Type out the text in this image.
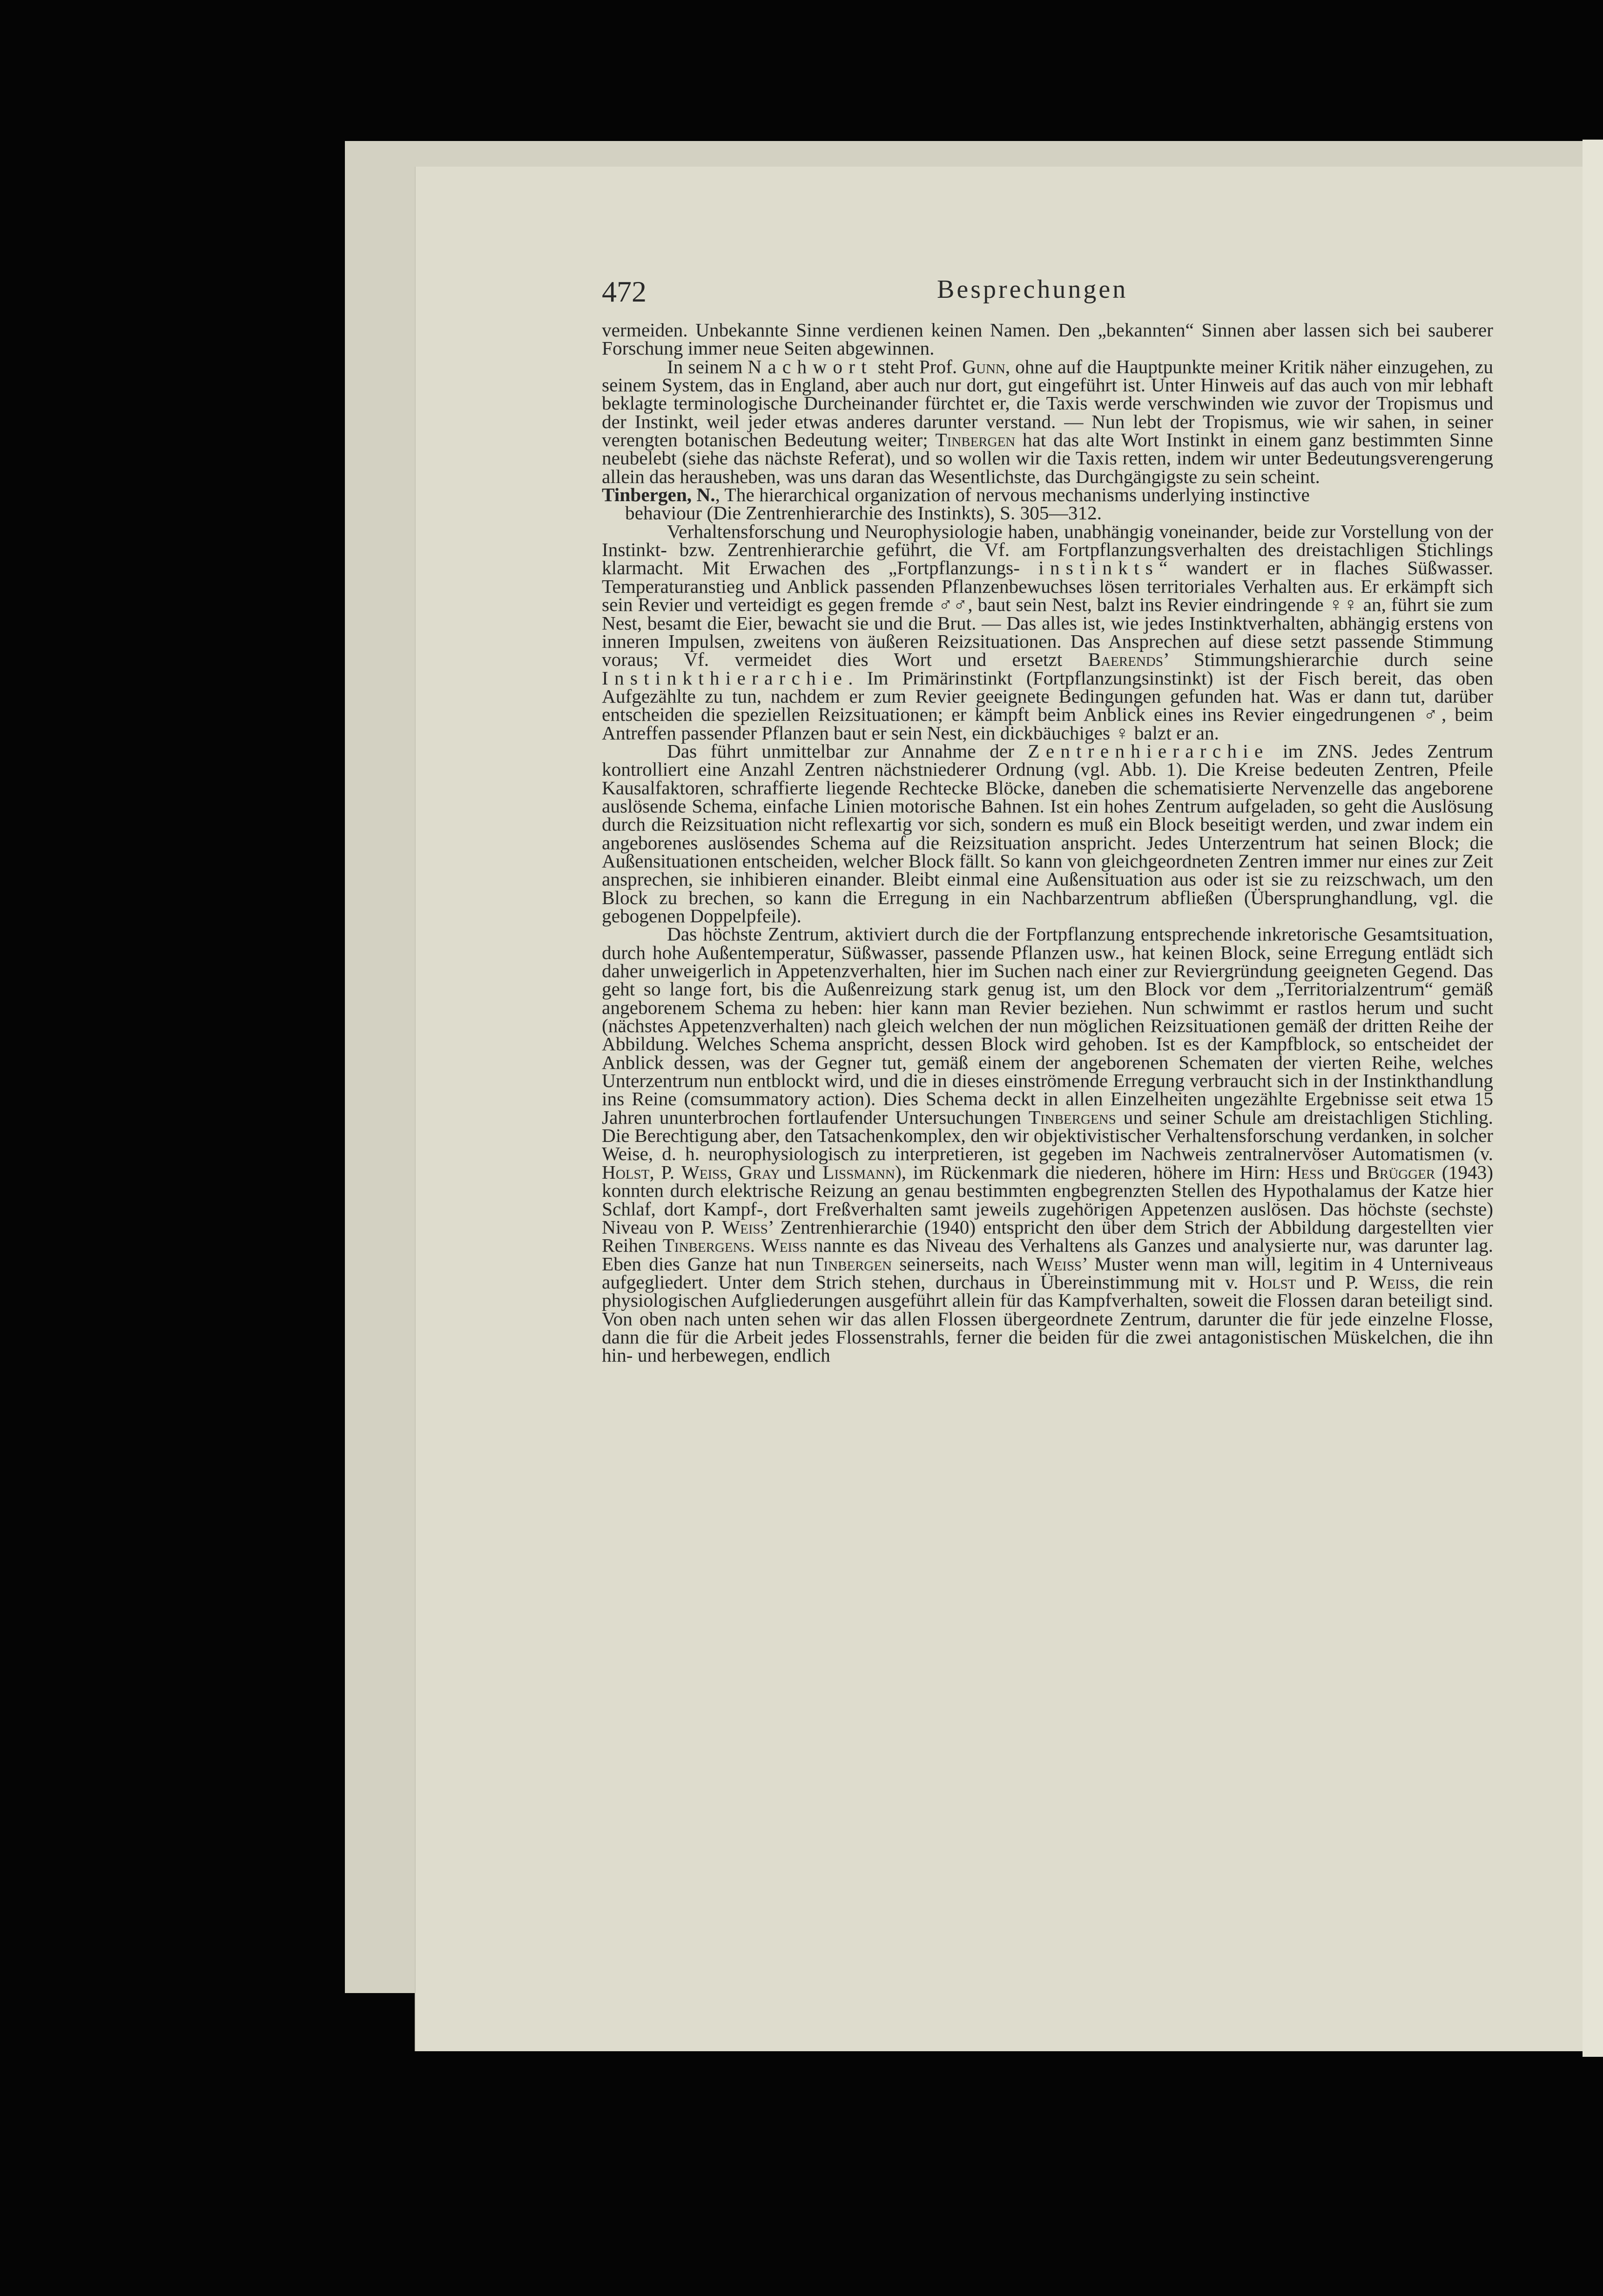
472	Besprechungen

vermeiden. Unbekannte Sinne verdienen keinen Namen. Den „bekannten“ Sinnen aber lassen sich bei sauberer Forschung immer neue Seiten abgewinnen.

In seinem Nachwort steht Prof. Gunn, ohne auf die Hauptpunkte meiner Kritik näher einzugehen, zu seinem System, das in England, aber auch nur dort, gut eingeführt ist. Unter Hinweis auf das auch von mir lebhaft beklagte terminologische Durcheinander fürchtet er, die Taxis werde verschwinden wie zuvor der Tropismus und der Instinkt, weil jeder etwas anderes darunter verstand. — Nun lebt der Tropismus, wie wir sahen, in seiner verengten botanischen Bedeutung weiter; Tinbergen hat das alte Wort Instinkt in einem ganz bestimmten Sinne neubelebt (siehe das nächste Referat), und so wollen wir die Taxis retten, indem wir unter Bedeutungsverengerung allein das herausheben, was uns daran das Wesentlichste, das Durchgängigste zu sein scheint.

Tinbergen, N., The hierarchical organization of nervous mechanisms underlying instinctive
behaviour (Die Zentrenhierarchie des Instinkts), S. 305—312.

Verhaltensforschung und Neurophysiologie haben, unabhängig voneinander, beide zur Vorstellung von der Instinkt- bzw. Zentrenhierarchie geführt, die Vf. am Fortpflanzungsverhalten des dreistachligen Stichlings klarmacht. Mit Erwachen des „Fortpflanzungs- instinkts“ wandert er in flaches Süßwasser. Temperaturanstieg und Anblick passenden Pflanzenbewuchses lösen territoriales Verhalten aus. Er erkämpft sich sein Revier und verteidigt es gegen fremde ♂♂, baut sein Nest, balzt ins Revier eindringende ♀♀ an, führt sie zum Nest, besamt die Eier, bewacht sie und die Brut. — Das alles ist, wie jedes Instinktverhalten, abhängig erstens von inneren Impulsen, zweitens von äußeren Reizsituationen. Das Ansprechen auf diese setzt passende Stimmung voraus; Vf. vermeidet dies Wort und ersetzt Baerends’ Stimmungshierarchie durch seine Instinkthierarchie. Im Primärinstinkt (Fortpflanzungsinstinkt) ist der Fisch bereit, das oben Aufgezählte zu tun, nachdem er zum Revier geeignete Bedingungen gefunden hat. Was er dann tut, darüber entscheiden die speziellen Reizsituationen; er kämpft beim Anblick eines ins Revier eingedrungenen ♂, beim Antreffen passender Pflanzen baut er sein Nest, ein dickbäuchiges ♀ balzt er an.

Das führt unmittelbar zur Annahme der Zentrenhierarchie im ZNS. Jedes Zentrum kontrolliert eine Anzahl Zentren nächstniederer Ordnung (vgl. Abb. 1). Die Kreise bedeuten Zentren, Pfeile Kausalfaktoren, schraffierte liegende Rechtecke Blöcke, daneben die schematisierte Nervenzelle das angeborene auslösende Schema, einfache Linien motorische Bahnen. Ist ein hohes Zentrum aufgeladen, so geht die Auslösung durch die Reizsituation nicht reflexartig vor sich, sondern es muß ein Block beseitigt werden, und zwar indem ein angeborenes auslösendes Schema auf die Reizsituation anspricht. Jedes Unterzentrum hat seinen Block; die Außensituationen entscheiden, welcher Block fällt. So kann von gleichgeordneten Zentren immer nur eines zur Zeit ansprechen, sie inhibieren einander. Bleibt einmal eine Außensituation aus oder ist sie zu reizschwach, um den Block zu brechen, so kann die Erregung in ein Nachbarzentrum abfließen (Übersprunghandlung, vgl. die gebogenen Doppelpfeile).

Das höchste Zentrum, aktiviert durch die der Fortpflanzung entsprechende inkretorische Gesamtsituation, durch hohe Außentemperatur, Süßwasser, passende Pflanzen usw., hat keinen Block, seine Erregung entlädt sich daher unweigerlich in Appetenzverhalten, hier im Suchen nach einer zur Reviergründung geeigneten Gegend. Das geht so lange fort, bis die Außenreizung stark genug ist, um den Block vor dem „Territorialzentrum“ gemäß angeborenem Schema zu heben: hier kann man Revier beziehen. Nun schwimmt er rastlos herum und sucht (nächstes Appetenzverhalten) nach gleich welchen der nun möglichen Reizsituationen gemäß der dritten Reihe der Abbildung. Welches Schema anspricht, dessen Block wird gehoben. Ist es der Kampfblock, so entscheidet der Anblick dessen, was der Gegner tut, gemäß einem der angeborenen Schematen der vierten Reihe, welches Unterzentrum nun entblockt wird, und die in dieses einströmende Erregung verbraucht sich in der Instinkthandlung ins Reine (comsummatory action). Dies Schema deckt in allen Einzelheiten ungezählte Ergebnisse seit etwa 15 Jahren ununterbrochen fortlaufender Untersuchungen Tinbergens und seiner Schule am dreistachligen Stichling. Die Berechtigung aber, den Tatsachenkomplex, den wir objektivistischer Verhaltensforschung verdanken, in solcher Weise, d. h. neurophysiologisch zu interpretieren, ist gegeben im Nachweis zentralnervöser Automatismen (v. Holst, P. Weiss, Gray und Lissmann), im Rückenmark die niederen, höhere im Hirn: Hess und Brügger (1943) konnten durch elektrische Reizung an genau bestimmten engbegrenzten Stellen des Hypothalamus der Katze hier Schlaf, dort Kampf-, dort Freßverhalten samt jeweils zugehörigen Appetenzen auslösen. Das höchste (sechste) Niveau von P. Weiss’ Zentrenhierarchie (1940) entspricht den über dem Strich der Abbildung dargestellten vier Reihen Tinbergens. Weiss nannte es das Niveau des Verhaltens als Ganzes und analysierte nur, was darunter lag. Eben dies Ganze hat nun Tinbergen seinerseits, nach Weiss’ Muster wenn man will, legitim in 4 Unterniveaus aufgegliedert. Unter dem Strich stehen, durchaus in Übereinstimmung mit v. Holst und P. Weiss, die rein physiologischen Aufgliederungen ausgeführt allein für das Kampfverhalten, soweit die Flossen daran beteiligt sind. Von oben nach unten sehen wir das allen Flossen übergeordnete Zentrum, darunter die für jede einzelne Flosse, dann die für die Arbeit jedes Flossenstrahls, ferner die beiden für die zwei antagonistischen Müskelchen, die ihn hin- und herbewegen, endlich
